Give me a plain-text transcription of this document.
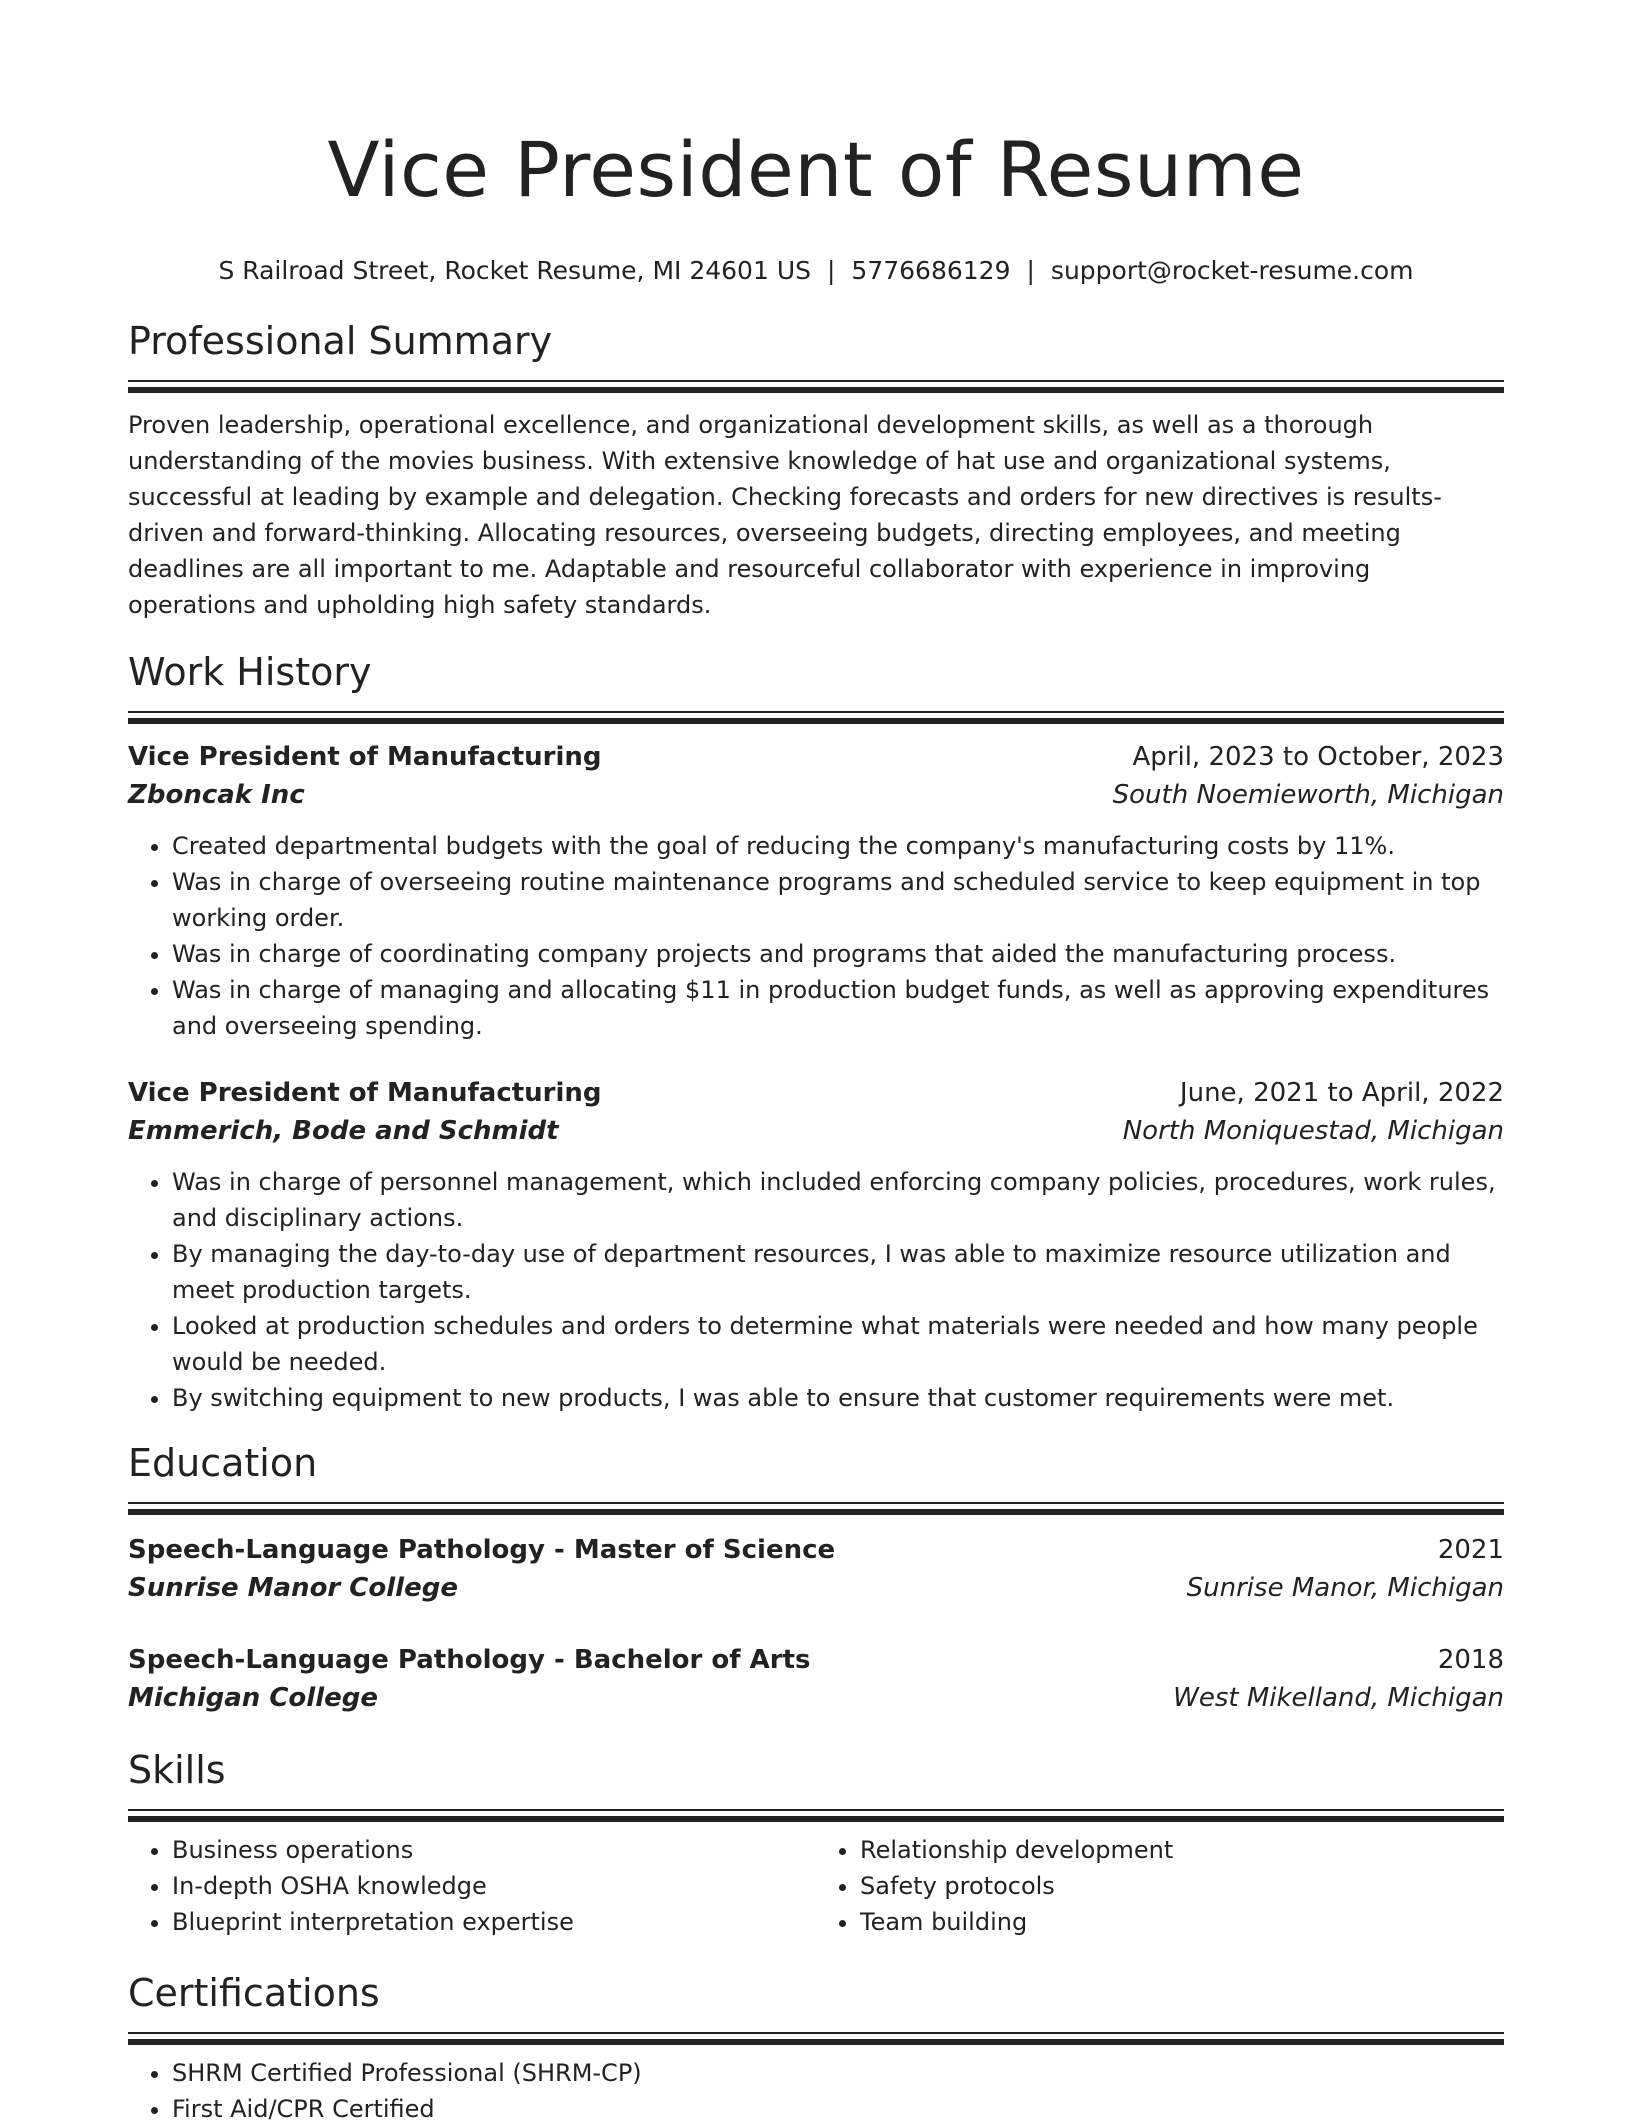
Vice President of Resume
S Railroad Street, Rocket Resume, MI 24601 US | 5776686129 | support@rocket-resume.com
Professional Summary
Proven leadership, operational excellence, and organizational development skills, as well as a thorough understanding of the movies business. With extensive knowledge of hat use and organizational systems, successful at leading by example and delegation. Checking forecasts and orders for new directives is results-driven and forward-thinking. Allocating resources, overseeing budgets, directing employees, and meeting deadlines are all important to me. Adaptable and resourceful collaborator with experience in improving operations and upholding high safety standards.
Work History
Vice President of Manufacturing	April, 2023 to October, 2023
Zboncak Inc	South Noemieworth, Michigan
• Created departmental budgets with the goal of reducing the company's manufacturing costs by 11%.
• Was in charge of overseeing routine maintenance programs and scheduled service to keep equipment in top working order.
• Was in charge of coordinating company projects and programs that aided the manufacturing process.
• Was in charge of managing and allocating $11 in production budget funds, as well as approving expenditures and overseeing spending.
Vice President of Manufacturing	June, 2021 to April, 2022
Emmerich, Bode and Schmidt	North Moniquestad, Michigan
• Was in charge of personnel management, which included enforcing company policies, procedures, work rules, and disciplinary actions.
• By managing the day-to-day use of department resources, I was able to maximize resource utilization and meet production targets.
• Looked at production schedules and orders to determine what materials were needed and how many people would be needed.
• By switching equipment to new products, I was able to ensure that customer requirements were met.
Education
Speech-Language Pathology - Master of Science	2021
Sunrise Manor College	Sunrise Manor, Michigan
Speech-Language Pathology - Bachelor of Arts	2018
Michigan College	West Mikelland, Michigan
Skills
• Business operations
• In-depth OSHA knowledge
• Blueprint interpretation expertise
• Relationship development
• Safety protocols
• Team building
Certifications
• SHRM Certified Professional (SHRM-CP)
• First Aid/CPR Certified
